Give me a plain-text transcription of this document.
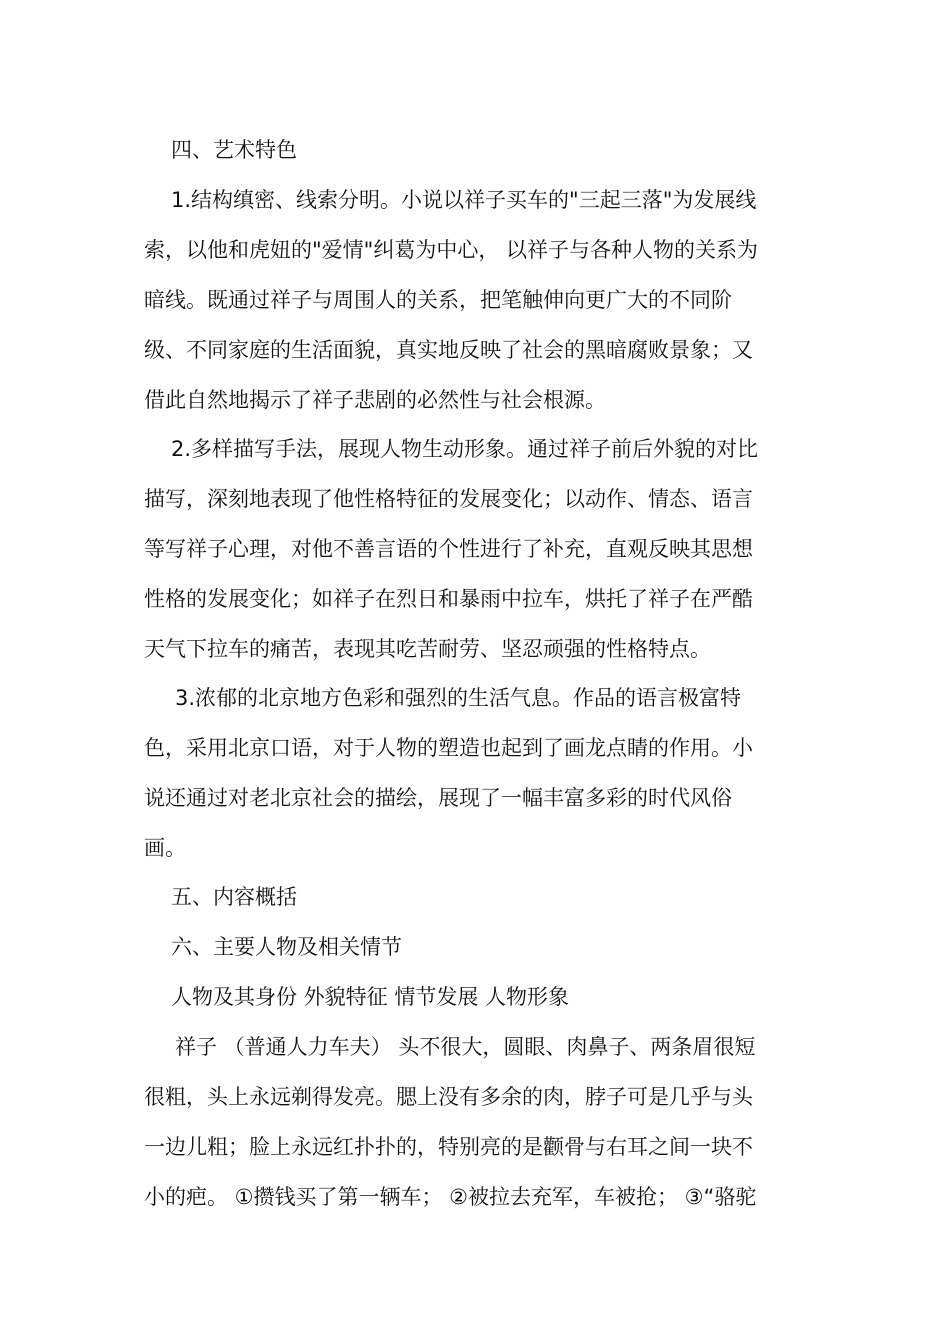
四、艺术特色
1.结构缜密、线索分明。小说以祥子买车的"三起三落"为发展线
索，以他和虎妞的"爱情"纠葛为中心， 以祥子与各种人物的关系为
暗线。既通过祥子与周围人的关系，把笔触伸向更广大的不同阶
级、不同家庭的生活面貌，真实地反映了社会的黑暗腐败景象；又
借此自然地揭示了祥子悲剧的必然性与社会根源。
2.多样描写手法，展现人物生动形象。通过祥子前后外貌的对比
描写，深刻地表现了他性格特征的发展变化；以动作、情态、语言
等写祥子心理，对他不善言语的个性进行了补充，直观反映其思想
性格的发展变化；如祥子在烈日和暴雨中拉车，烘托了祥子在严酷
天气下拉车的痛苦，表现其吃苦耐劳、坚忍顽强的性格特点。
3.浓郁的北京地方色彩和强烈的生活气息。作品的语言极富特
色，采用北京口语，对于人物的塑造也起到了画龙点睛的作用。小
说还通过对老北京社会的描绘，展现了一幅丰富多彩的时代风俗
画。
五、内容概括
六、主要人物及相关情节
人物及其身份 外貌特征 情节发展 人物形象
祥子 （普通人力车夫） 头不很大，圆眼、肉鼻子、两条眉很短
很粗，头上永远剃得发亮。腮上没有多余的肉，脖子可是几乎与头
一边儿粗；脸上永远红扑扑的，特别亮的是颧骨与右耳之间一块不
小的疤。 ①攒钱买了第一辆车； ②被拉去充军，车被抢； ③“骆驼
